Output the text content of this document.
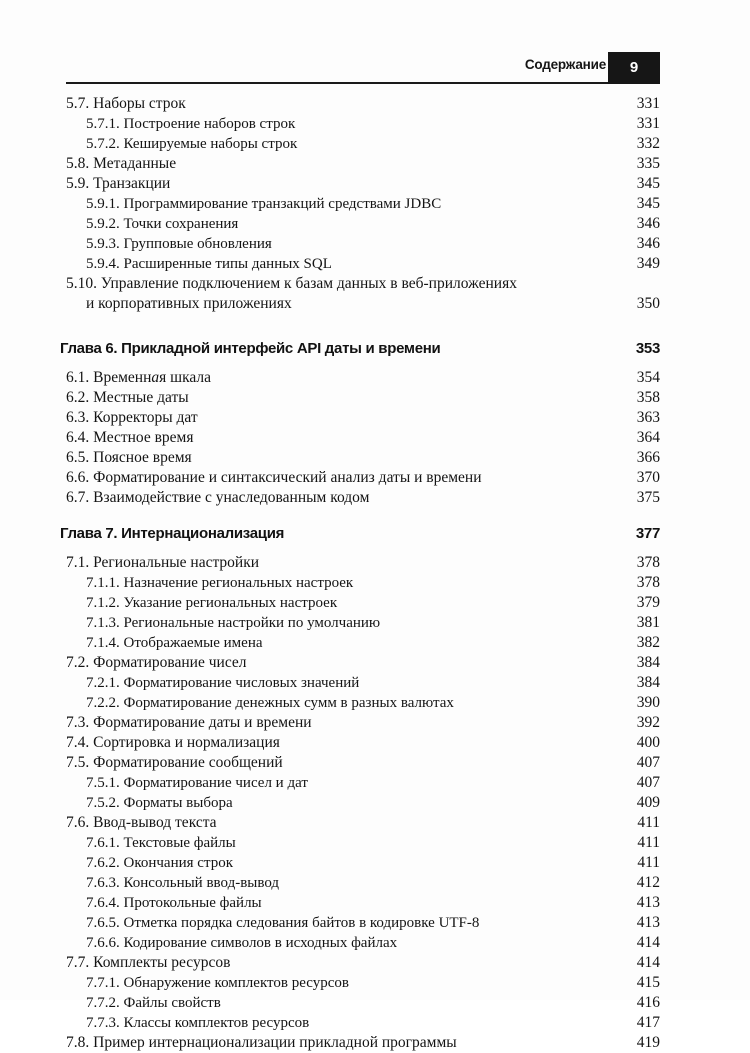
Содержание	9
5.7. Наборы строк	331
5.7.1. Построение наборов строк	331
5.7.2. Кешируемые наборы строк	332
5.8. Метаданные	335
5.9. Транзакции	345
5.9.1. Программирование транзакций средствами JDBC	345
5.9.2. Точки сохранения	346
5.9.3. Групповые обновления	346
5.9.4. Расширенные типы данных SQL	349
5.10. Управление подключением к базам данных в веб-приложениях
и корпоративных приложениях	350
Глава 6. Прикладной интерфейс API даты и времени	353
6.1. Временная шкала	354
6.2. Местные даты	358
6.3. Корректоры дат	363
6.4. Местное время	364
6.5. Поясное время	366
6.6. Форматирование и синтаксический анализ даты и времени	370
6.7. Взаимодействие с унаследованным кодом	375
Глава 7. Интернационализация	377
7.1. Региональные настройки	378
7.1.1. Назначение региональных настроек	378
7.1.2. Указание региональных настроек	379
7.1.3. Региональные настройки по умолчанию	381
7.1.4. Отображаемые имена	382
7.2. Форматирование чисел	384
7.2.1. Форматирование числовых значений	384
7.2.2. Форматирование денежных сумм в разных валютах	390
7.3. Форматирование даты и времени	392
7.4. Сортировка и нормализация	400
7.5. Форматирование сообщений	407
7.5.1. Форматирование чисел и дат	407
7.5.2. Форматы выбора	409
7.6. Ввод-вывод текста	411
7.6.1. Текстовые файлы	411
7.6.2. Окончания строк	411
7.6.3. Консольный ввод-вывод	412
7.6.4. Протокольные файлы	413
7.6.5. Отметка порядка следования байтов в кодировке UTF-8	413
7.6.6. Кодирование символов в исходных файлах	414
7.7. Комплекты ресурсов	414
7.7.1. Обнаружение комплектов ресурсов	415
7.7.2. Файлы свойств	416
7.7.3. Классы комплектов ресурсов	417
7.8. Пример интернационализации прикладной программы	419
